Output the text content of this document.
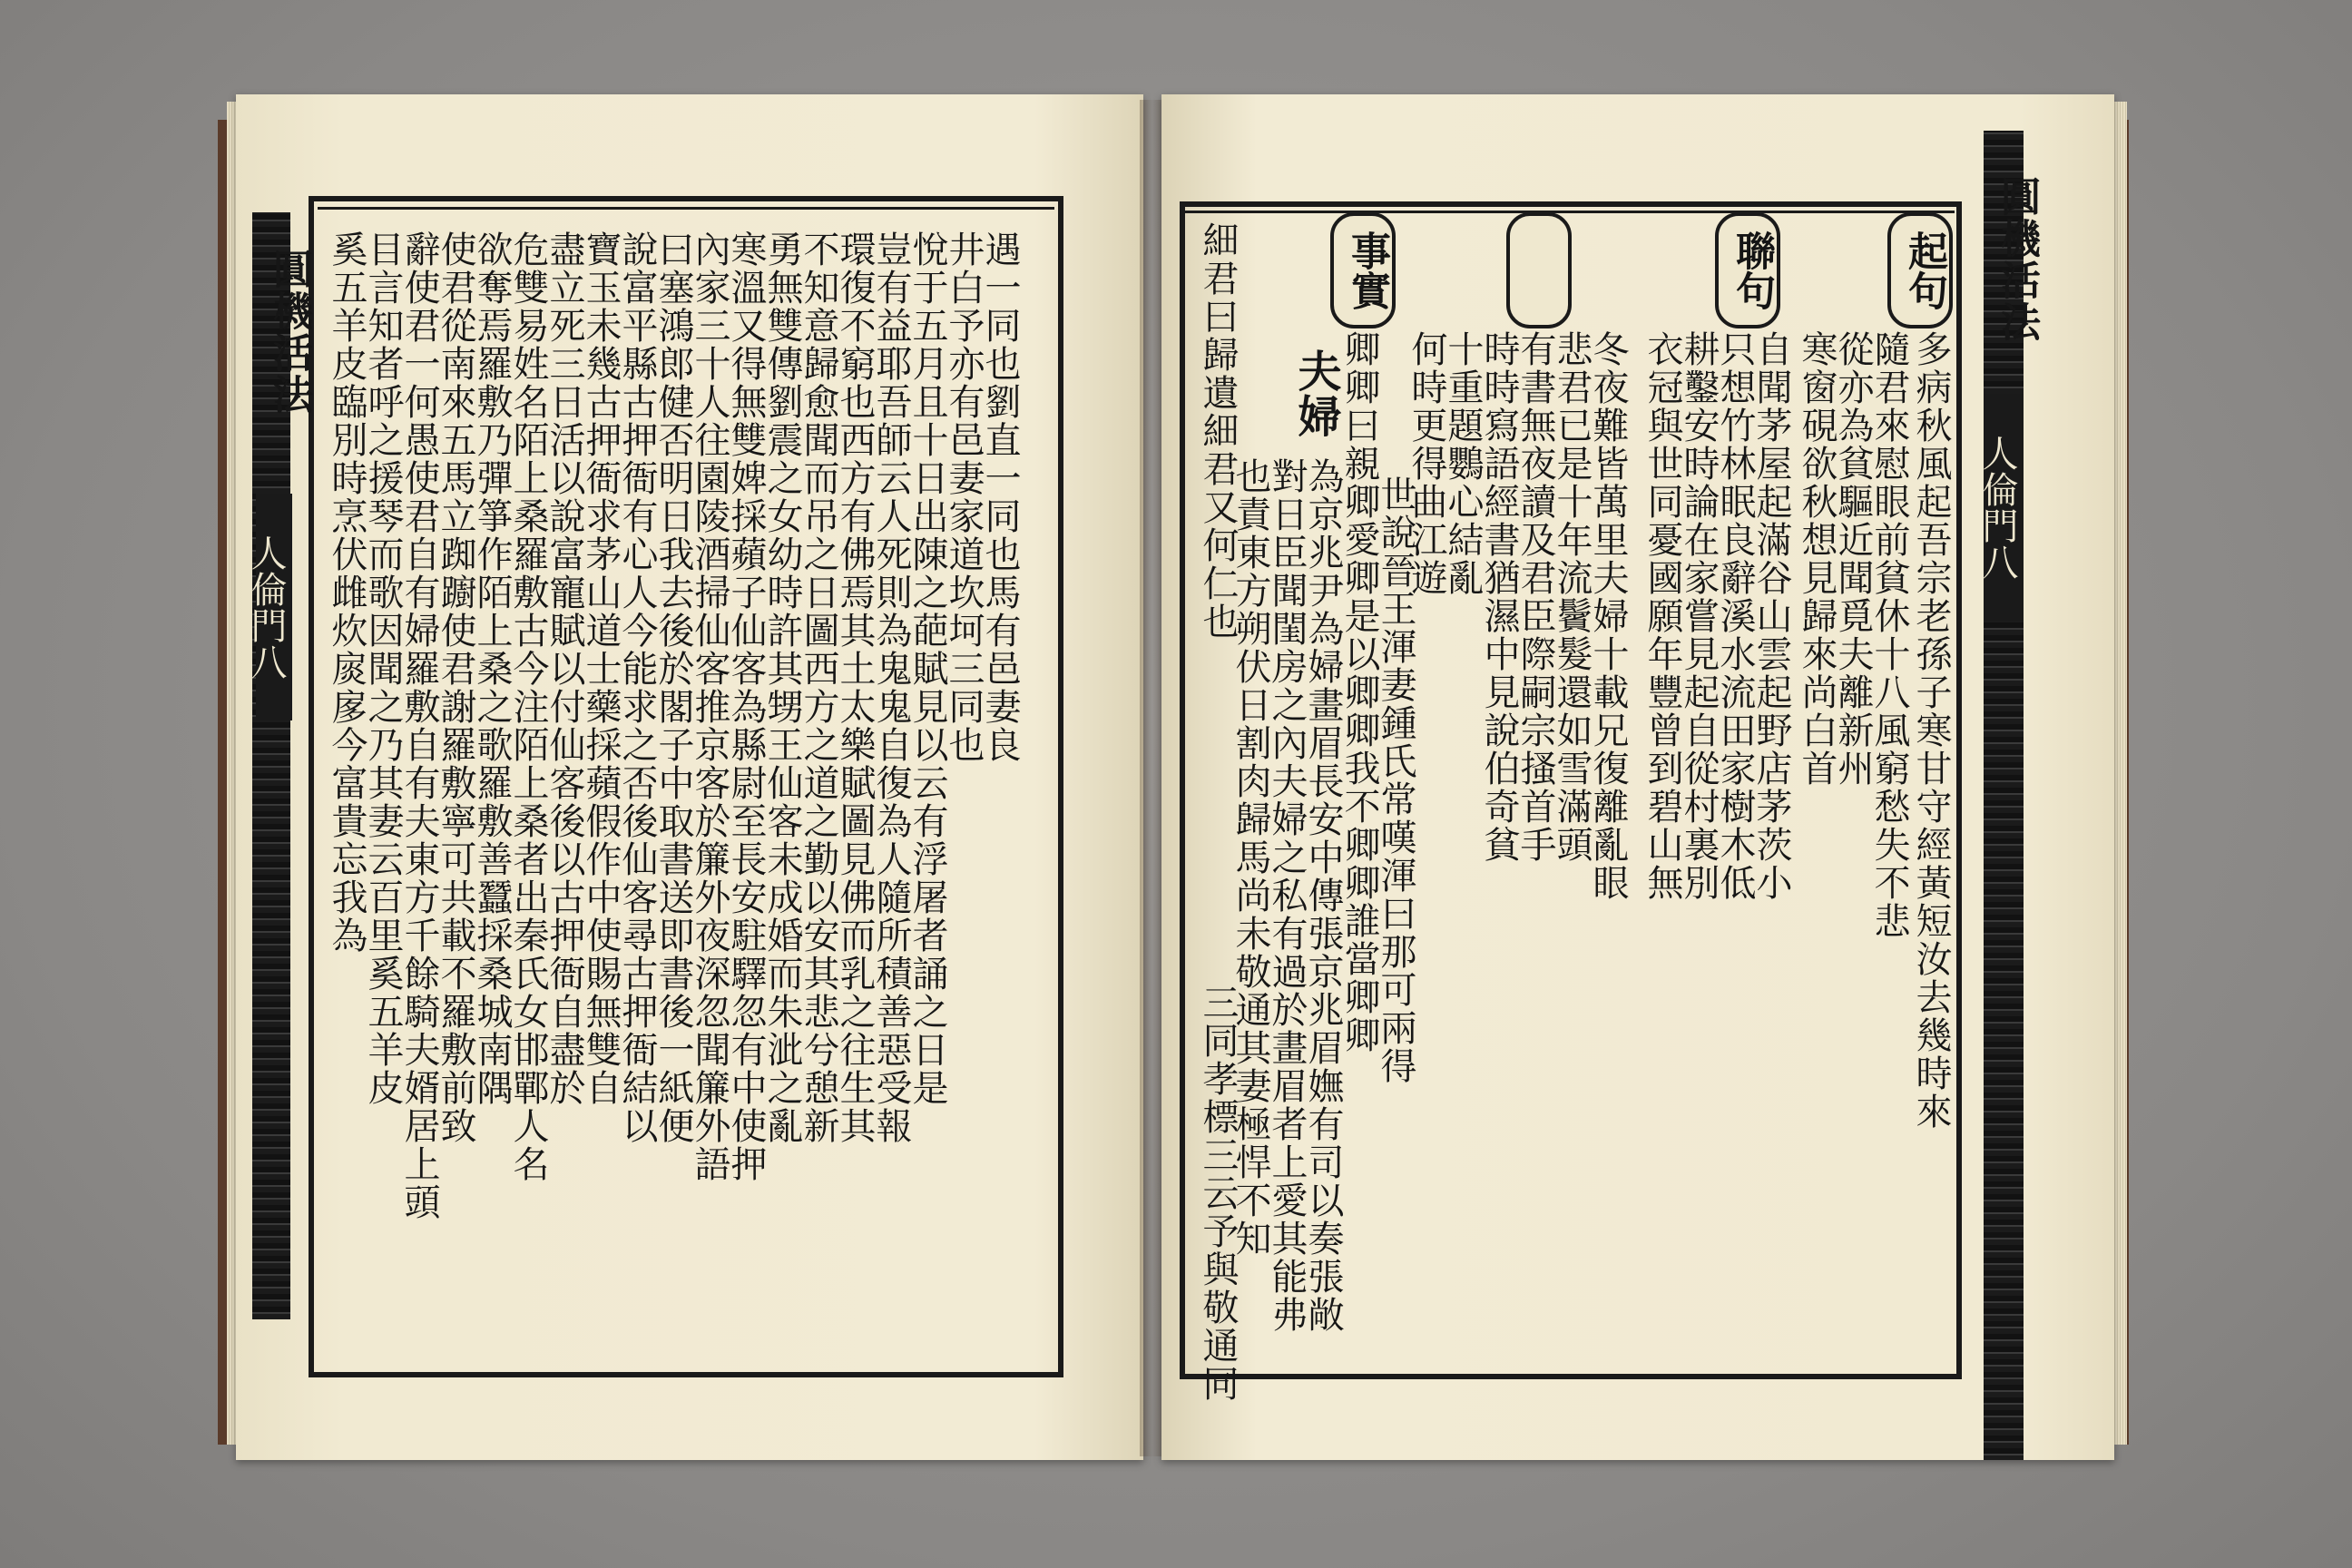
圓機活法
人倫門八	遇一同也劉直一同也馬有邑妻良
井白予亦有邑妻家道坎坷三同也
悅于五月且十日出陳之葩賦見以云有浮屠者誦之日是
豈有益耶吾師云人死則為鬼鬼自復為人隨所積善惡受報
環復不窮也西方有佛焉其土太樂賦圖見佛而乳之往生其
不知意歸愈聞而吊之日圖西方之道之勤以安其悲兮憩新
勇無雙傳劉震之女幼時許其甥王仙客未成婚而朱泚之亂
寒溫又得無雙婢採蘋子仙客為縣尉至長安駐驛忽有中使押
內家三十人往園陵酒掃仙客推京客於簾外夜深忽聞簾外語
曰塞鴻郎健否明日我去後於閣子中取書送即書後一紙便
說富平縣古押衙有心人今能求之否後仙客尋古押衙結以
寶玉未幾古押衙求茅山道士藥採蘋假作中使賜無雙自
盡立死三日活以說富寵賦以付仙客後以古押衙自盡於
危雙易姓名陌上桑羅敷古今注陌上桑者出秦氏女邯鄲人名
欲奪焉羅敷乃彈箏作陌上桑之歌羅敷善蠶採桑城南隅
使君從南來五馬立踟躕使君謝羅敷寧可共載不羅敷前致
辭使君一何愚使君自有婦羅敷自有夫東方千餘騎夫婿居上頭
目言知者呼之援琴而歌因聞之乃其妻云百里奚五羊皮
奚五羊皮臨別時烹伏雌炊扊扅今富貴忘我為	圓機活法
人倫門八
起句
聯句
事實
夫婦	多病秋風起吾宗老孫子寒甘守經黃短汝去幾時來
隨君來慰眼前貧休十八風窮愁失不悲
從亦為貧驅近聞覓夫離新州
寒窗硯欲秋想見歸來尚白首
自聞茅屋起滿谷山雲起野店茅茨小
只想竹林眠良辭溪水流田家樹木低
耕鑿安時論在家嘗見起自從村裏別
衣冠與世同憂國願年豐曾到碧山無
冬夜難皆萬里夫婦十載兄復離亂眼
悲君已是十年流鬢髮還如雪滿頭
有書無夜讀及君臣際嗣宗搔首手
時時寫語經書猶濕中見說伯奇貧
十重題鸚心結亂
何時更得曲江遊
世說晉王渾妻鍾氏常嘆渾曰那可兩得
卿卿曰親卿愛卿是以卿卿我不卿卿誰當卿卿
為京兆尹為婦畫眉長安中傳張京兆眉嫵有司以奏張敞
對日臣聞閨房之內夫婦之私有過於畫眉者上愛其能弗
也責東方朔伏日割肉歸馬尚未敬通其妻極悍不知
細君曰歸遺細君又何仁也
三同孝標三云予與敬通同
